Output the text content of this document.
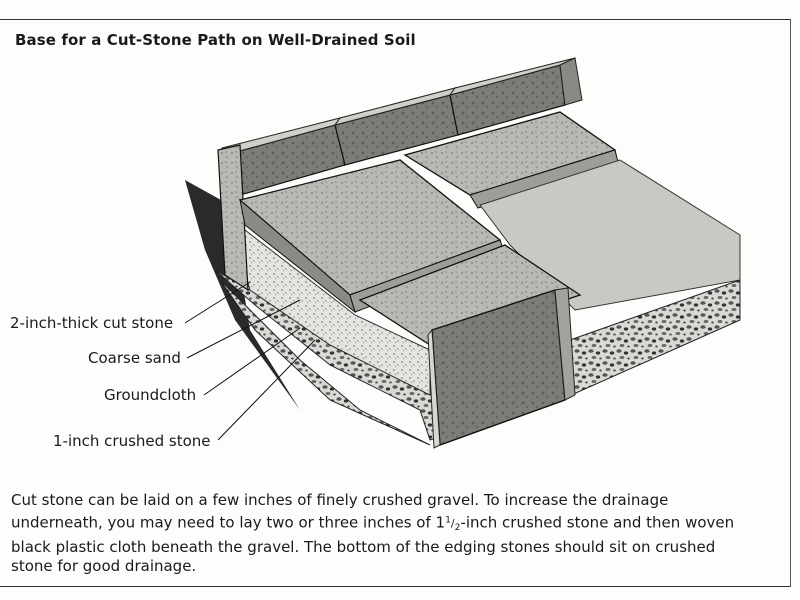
Base for a Cut-Stone Path on Well-Drained Soil
2-inch-thick cut stone
Coarse sand
Groundcloth
1-inch crushed stone
Cut stone can be laid on a few inches of finely crushed gravel. To increase the drainage underneath, you may need to lay two or three inches of $1^1/_2$-inch crushed stone and then woven black plastic cloth beneath the gravel. The bottom of the edging stones should sit on crushed stone for good drainage.
